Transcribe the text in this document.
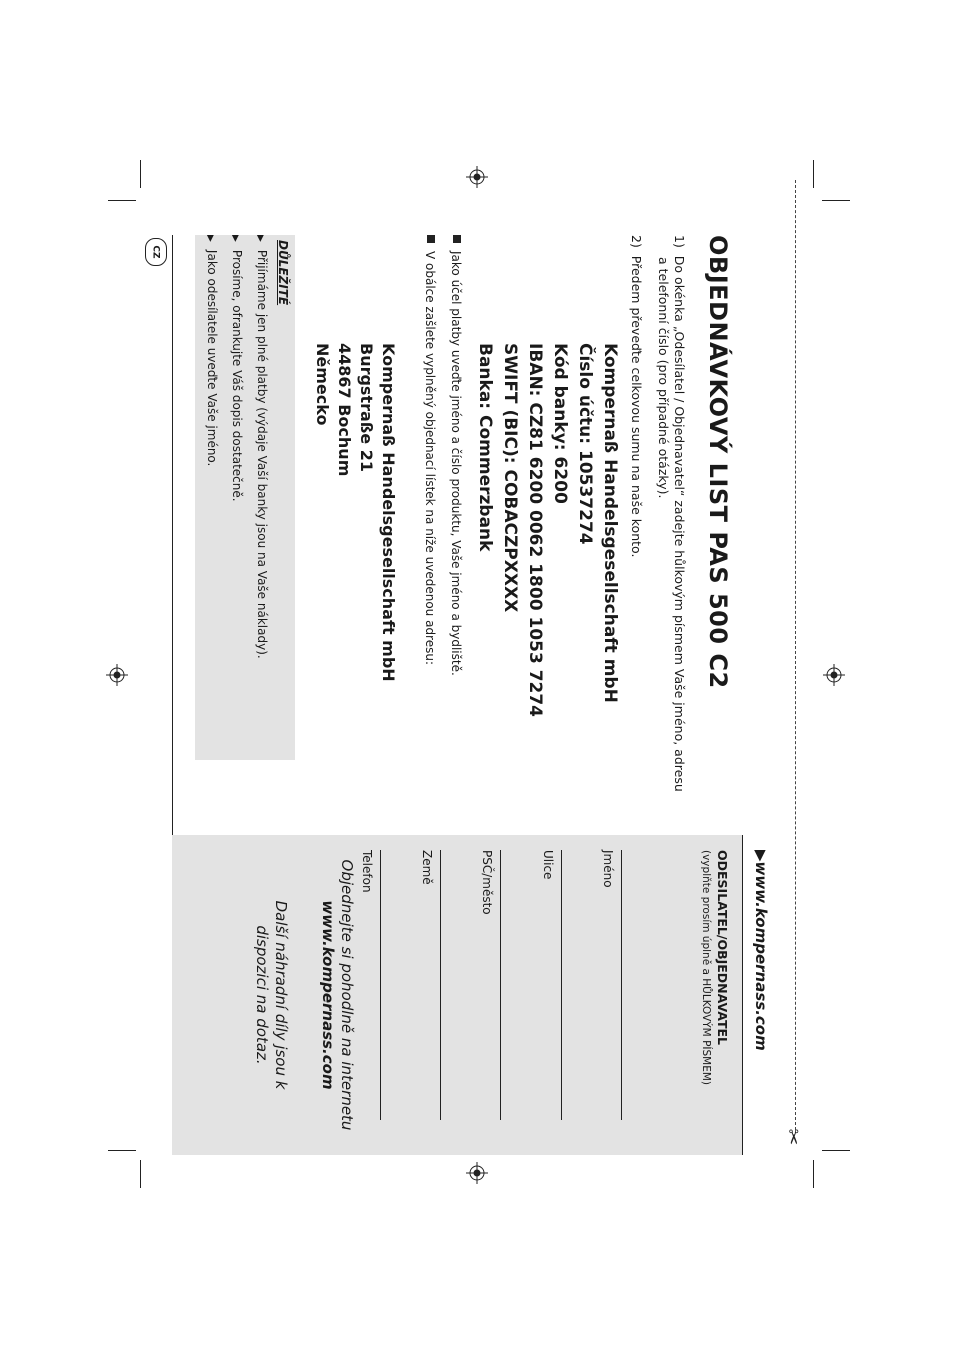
✂
CZ	OBJEDNÁVKOVÝ LIST PAS 500 C2
1)  Do okénka „Odesílatel / Objednavatel“ zadejte hůlkovým písmem Vaše jméno, adresu
a telefonní číslo (pro případné otázky).
2)  Předem převeďte celkovou sumu na naše konto.
Kompernaß Handelsgesellschaft mbH
Číslo účtu: 10537274
Kód banky: 6200
IBAN: CZ81 6200 0062 1800 1053 7274
SWIFT (BIC): COBACZPXXXX
Banka: Commerzbank
Jako účel platby uveďte jméno a číslo produktu, Vaše jméno a bydliště.
V obálce zašlete vyplněný objednací lístek na níže uvedenou adresu:
Kompernaß Handelsgesellschaft mbH
Burgstraße 21
44867 Bochum
Německo
DŮLEŽITÉ
▶Přijímáme jen plné platby (výdaje Vaší banky jsou na Vaše náklady).
▶Prosíme, ofrankujte Váš dopis dostatečně.
▶Jako odesílatele uveďte Vaše jméno.
▶www.kompernass.com
ODESILATEL/OBJEDNAVATEL
(vyplňte prosím úplně a HŮLKOVÝM PÍSMEM)
Jméno
Ulice
PSČ/město
Země
Telefon
Objednejte si pohodlně na internetu
www.kompernass.com
Další náhradní díly jsou k
dispozici na dotaz.
